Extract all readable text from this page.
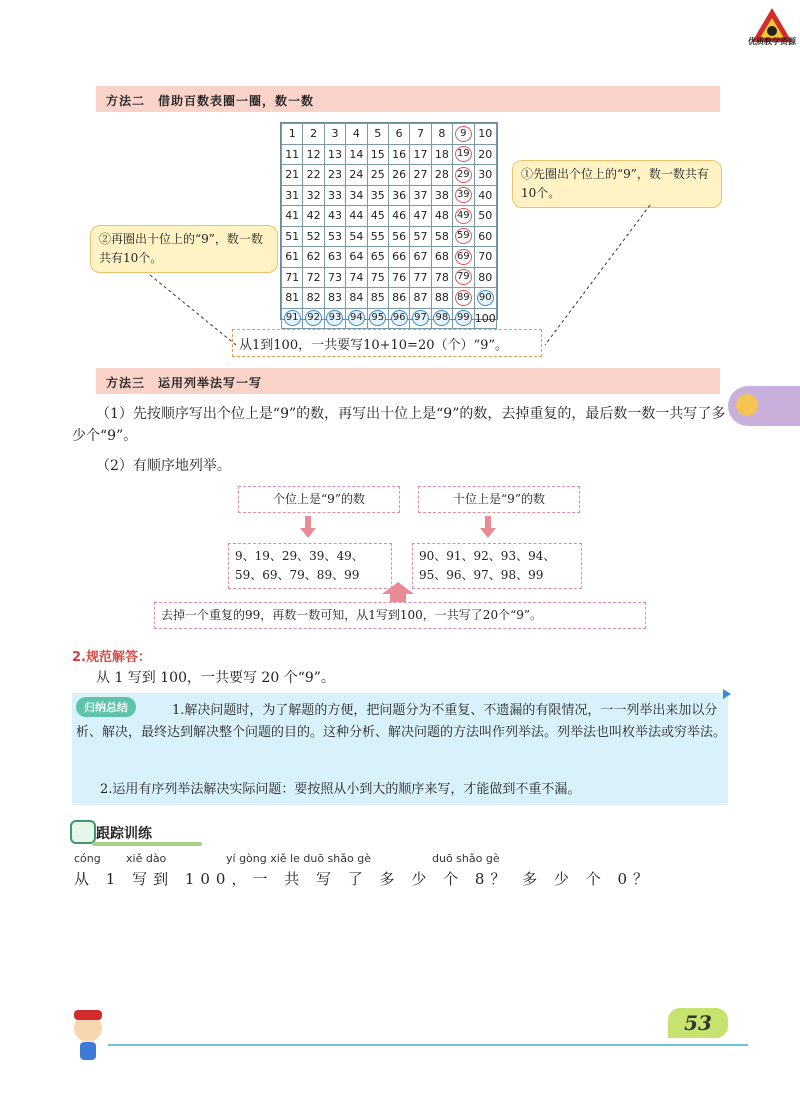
优质教学资源
方法二　借助百数表圈一圈，数一数
1	2	3	4	5	6	7	8	9	10
11	12	13	14	15	16	17	18	19	20
21	22	23	24	25	26	27	28	29	30
31	32	33	34	35	36	37	38	39	40
41	42	43	44	45	46	47	48	49	50
51	52	53	54	55	56	57	58	59	60
61	62	63	64	65	66	67	68	69	70
71	72	73	74	75	76	77	78	79	80
81	82	83	84	85	86	87	88	89	90
91	92	93	94	95	96	97	98	99	100
①先圈出个位上的“9”，数一数共有10个。
②再圈出十位上的“9”，数一数共有10个。
从1到100，一共要写10+10=20（个）“9”。
方法三　运用列举法写一写
（1）先按顺序写出个位上是“9”的数，再写出十位上是“9”的数，去掉重复的，最后数一数一共写了多少个“9”。
（2）有顺序地列举。
个位上是“9”的数	十位上是“9”的数
9、19、29、39、49、
59、69、79、89、99
90、91、92、93、94、
95、96、97、98、99
去掉一个重复的99，再数一数可知，从1写到100，一共写了20个“9”。
2.规范解答：
从 1 写到 100，一共要写 20 个“9”。
归纳总结	1.解决问题时，为了解题的方便，把问题分为不重复、不遗漏的有限情况，一一列举出来加以分析、解决，最终达到解决整个问题的目的。这种分析、解决问题的方法叫作列举法。列举法也叫枚举法或穷举法。

2.运用有序列举法解决实际问题：要按照从小到大的顺序来写，才能做到不重不漏。

跟踪训练
cóng xiě dào	yí gòng xiě le duō shǎo gè	duō shǎo gè
从 1 写到 100，一 共 写 了 多 少 个 8？ 多 少 个 0？
53
